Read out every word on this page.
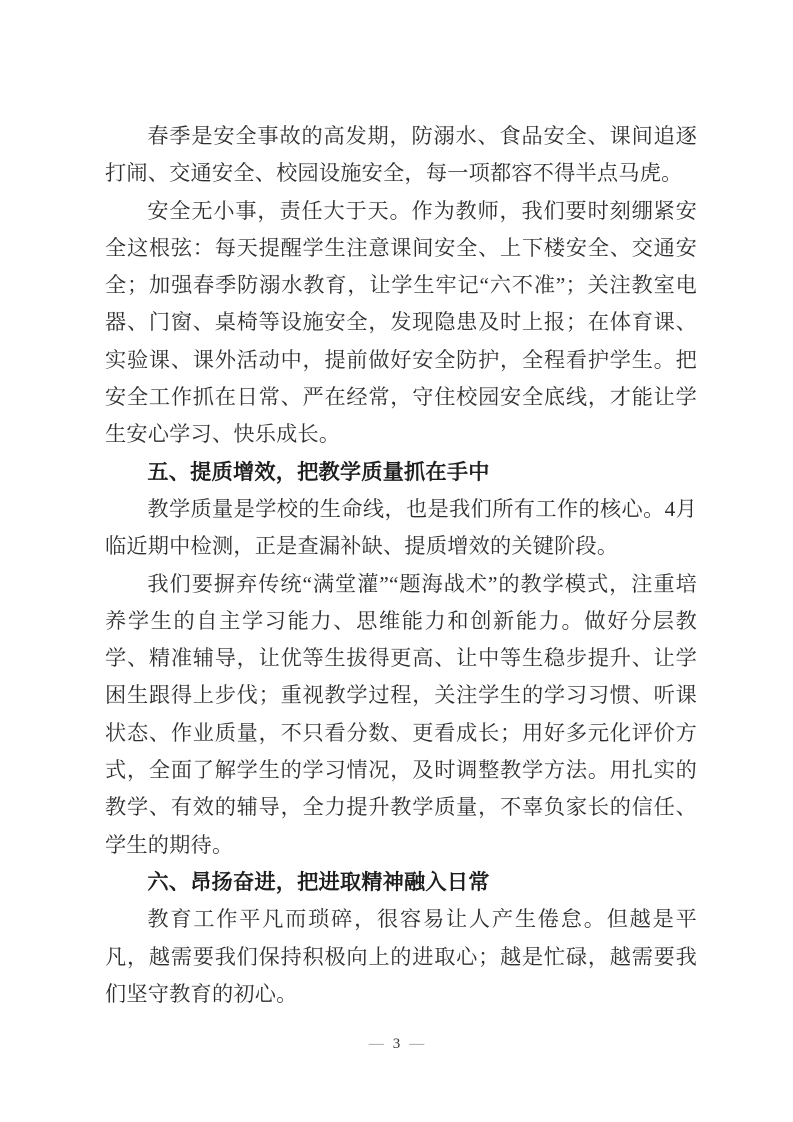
春季是安全事故的高发期，防溺水、食品安全、课间追逐打闹、交通安全、校园设施安全，每一项都容不得半点马虎。

安全无小事，责任大于天。作为教师，我们要时刻绷紧安全这根弦：每天提醒学生注意课间安全、上下楼安全、交通安全；加强春季防溺水教育，让学生牢记“六不准”；关注教室电器、门窗、桌椅等设施安全，发现隐患及时上报；在体育课、实验课、课外活动中，提前做好安全防护，全程看护学生。把安全工作抓在日常、严在经常，守住校园安全底线，才能让学生安心学习、快乐成长。

五、提质增效，把教学质量抓在手中

教学质量是学校的生命线，也是我们所有工作的核心。4月临近期中检测，正是查漏补缺、提质增效的关键阶段。

我们要摒弃传统“满堂灌”“题海战术”的教学模式，注重培养学生的自主学习能力、思维能力和创新能力。做好分层教学、精准辅导，让优等生拔得更高、让中等生稳步提升、让学困生跟得上步伐；重视教学过程，关注学生的学习习惯、听课状态、作业质量，不只看分数、更看成长；用好多元化评价方式，全面了解学生的学习情况，及时调整教学方法。用扎实的教学、有效的辅导，全力提升教学质量，不辜负家长的信任、学生的期待。

六、昂扬奋进，把进取精神融入日常

教育工作平凡而琐碎，很容易让人产生倦怠。但越是平凡，越需要我们保持积极向上的进取心；越是忙碌，越需要我们坚守教育的初心。

— 3 —
